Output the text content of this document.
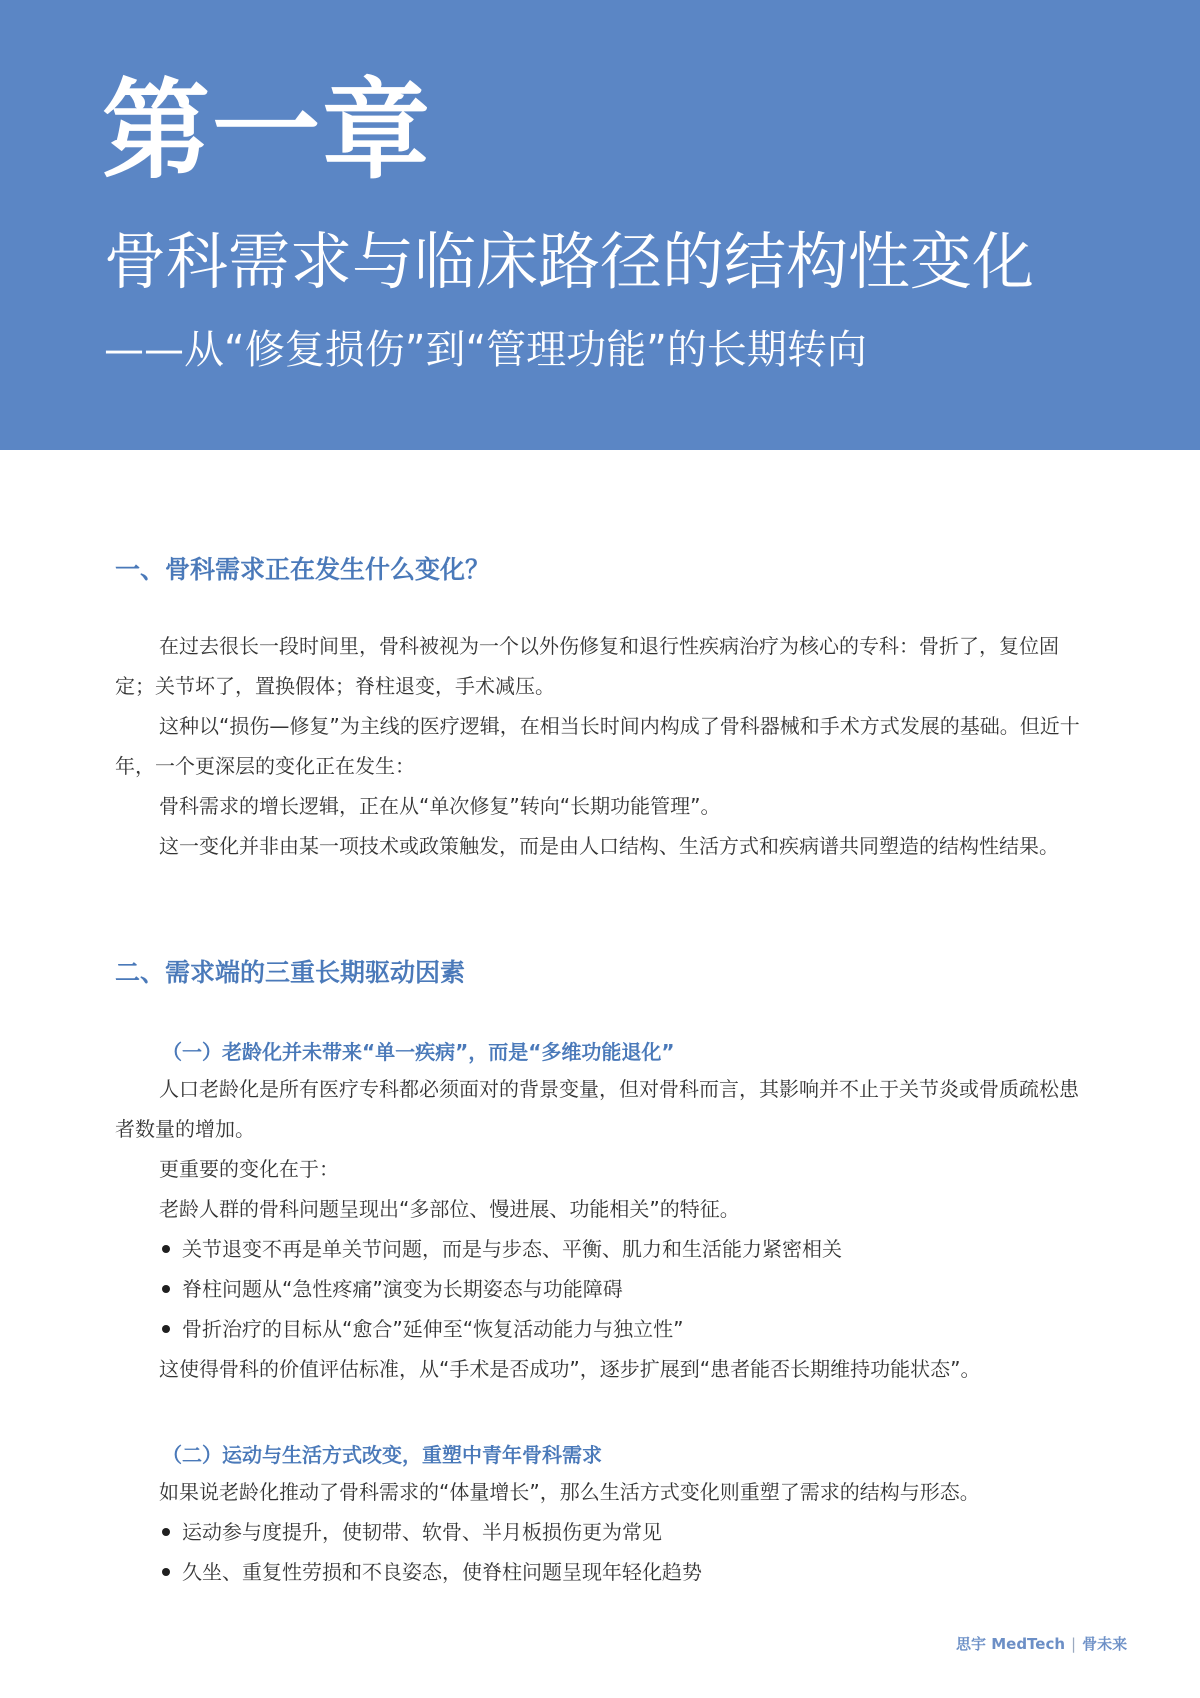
第一章
骨科需求与临床路径的结构性变化
——从“修复损伤”到“管理功能”的长期转向
一、骨科需求正在发生什么变化？

在过去很长一段时间里，骨科被视为一个以外伤修复和退行性疾病治疗为核心的专科：骨折了，复位固定；关节坏了，置换假体；脊柱退变，手术减压。

这种以“损伤—修复”为主线的医疗逻辑，在相当长时间内构成了骨科器械和手术方式发展的基础。但近十年，一个更深层的变化正在发生：

骨科需求的增长逻辑，正在从“单次修复”转向“长期功能管理”。

这一变化并非由某一项技术或政策触发，而是由人口结构、生活方式和疾病谱共同塑造的结构性结果。

二、需求端的三重长期驱动因素
（一）老龄化并未带来“单一疾病”，而是“多维功能退化”

人口老龄化是所有医疗专科都必须面对的背景变量，但对骨科而言，其影响并不止于关节炎或骨质疏松患者数量的增加。

更重要的变化在于：
老龄人群的骨科问题呈现出“多部位、慢进展、功能相关”的特征。
关节退变不再是单关节问题，而是与步态、平衡、肌力和生活能力紧密相关
脊柱问题从“急性疼痛”演变为长期姿态与功能障碍
骨折治疗的目标从“愈合”延伸至“恢复活动能力与独立性”
这使得骨科的价值评估标准，从“手术是否成功”，逐步扩展到“患者能否长期维持功能状态”。
（二）运动与生活方式改变，重塑中青年骨科需求
如果说老龄化推动了骨科需求的“体量增长”，那么生活方式变化则重塑了需求的结构与形态。
运动参与度提升，使韧带、软骨、半月板损伤更为常见
久坐、重复性劳损和不良姿态，使脊柱问题呈现年轻化趋势
思宇 MedTech | 骨未来
